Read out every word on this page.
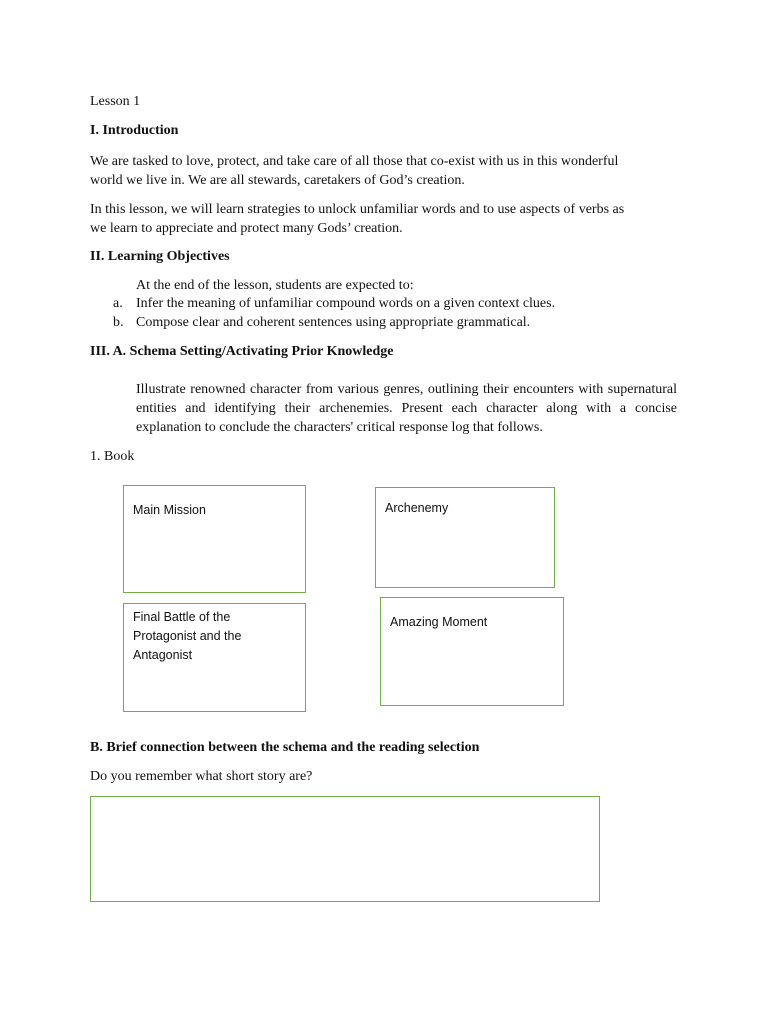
Lesson 1
I. Introduction
We are tasked to love, protect, and take care of all those that co-exist with us in this wonderful
world we live in. We are all stewards, caretakers of God’s creation.
In this lesson, we will learn strategies to unlock unfamiliar words and to use aspects of verbs as
we learn to appreciate and protect many Gods’ creation.
II. Learning Objectives
At the end of the lesson, students are expected to:
a. Infer the meaning of unfamiliar compound words on a given context clues.
b. Compose clear and coherent sentences using appropriate grammatical.
III. A. Schema Setting/Activating Prior Knowledge
Illustrate renowned character from various genres, outlining their encounters with supernatural entities and identifying their archenemies. Present each character along with a concise explanation to conclude the characters' critical response log that follows.
1. Book
Main Mission	Archenemy
Final Battle of the Protagonist and the Antagonist
Amazing Moment
B. Brief connection between the schema and the reading selection
Do you remember what short story are?
